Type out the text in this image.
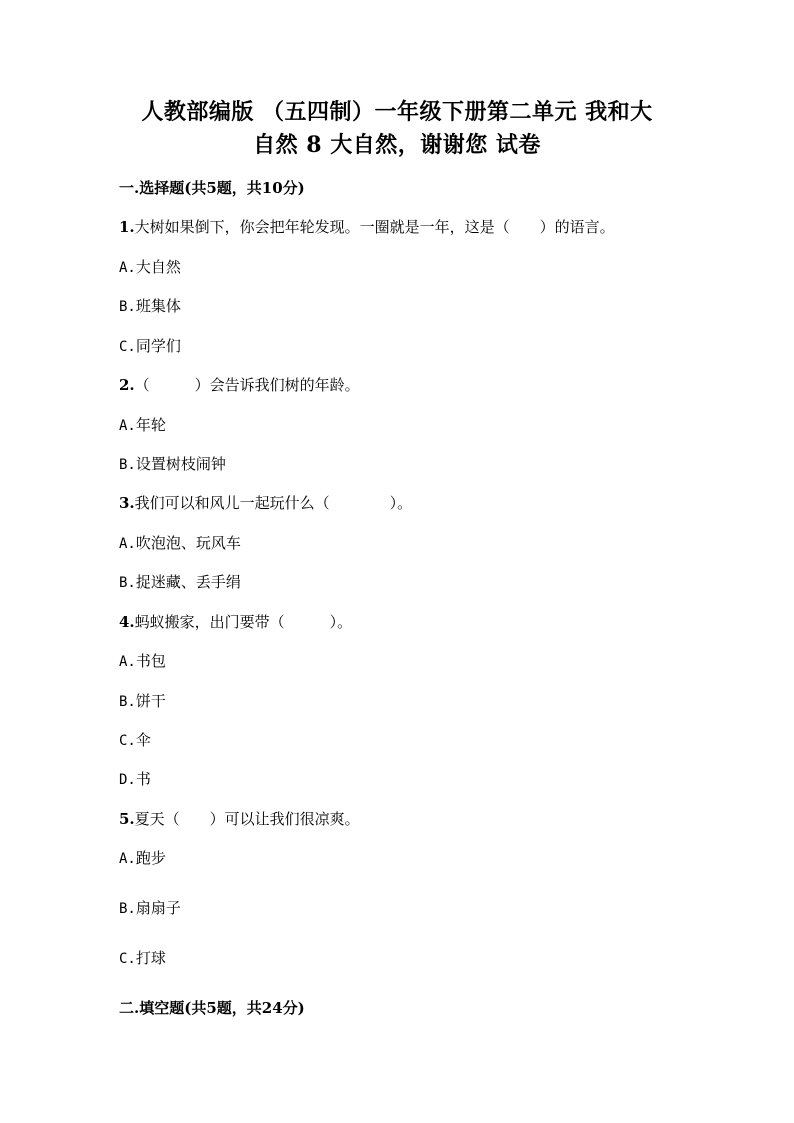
人教部编版 （五四制）一年级下册第二单元 我和大
自然 8 大自然，谢谢您 试卷
一.选择题(共5题，共10分)
1.大树如果倒下，你会把年轮发现。一圈就是一年，这是（　　）的语言。
A.大自然
B.班集体
C.同学们
2.（　　　）会告诉我们树的年龄。
A.年轮
B.设置树枝闹钟
3.我们可以和风儿一起玩什么（　　　　）。
A.吹泡泡、玩风车
B.捉迷藏、丢手绢
4.蚂蚁搬家，出门要带（　　　）。
A.书包
B.饼干
C.伞
D.书
5.夏天（　　）可以让我们很凉爽。
A.跑步
B.扇扇子
C.打球
二.填空题(共5题，共24分)
